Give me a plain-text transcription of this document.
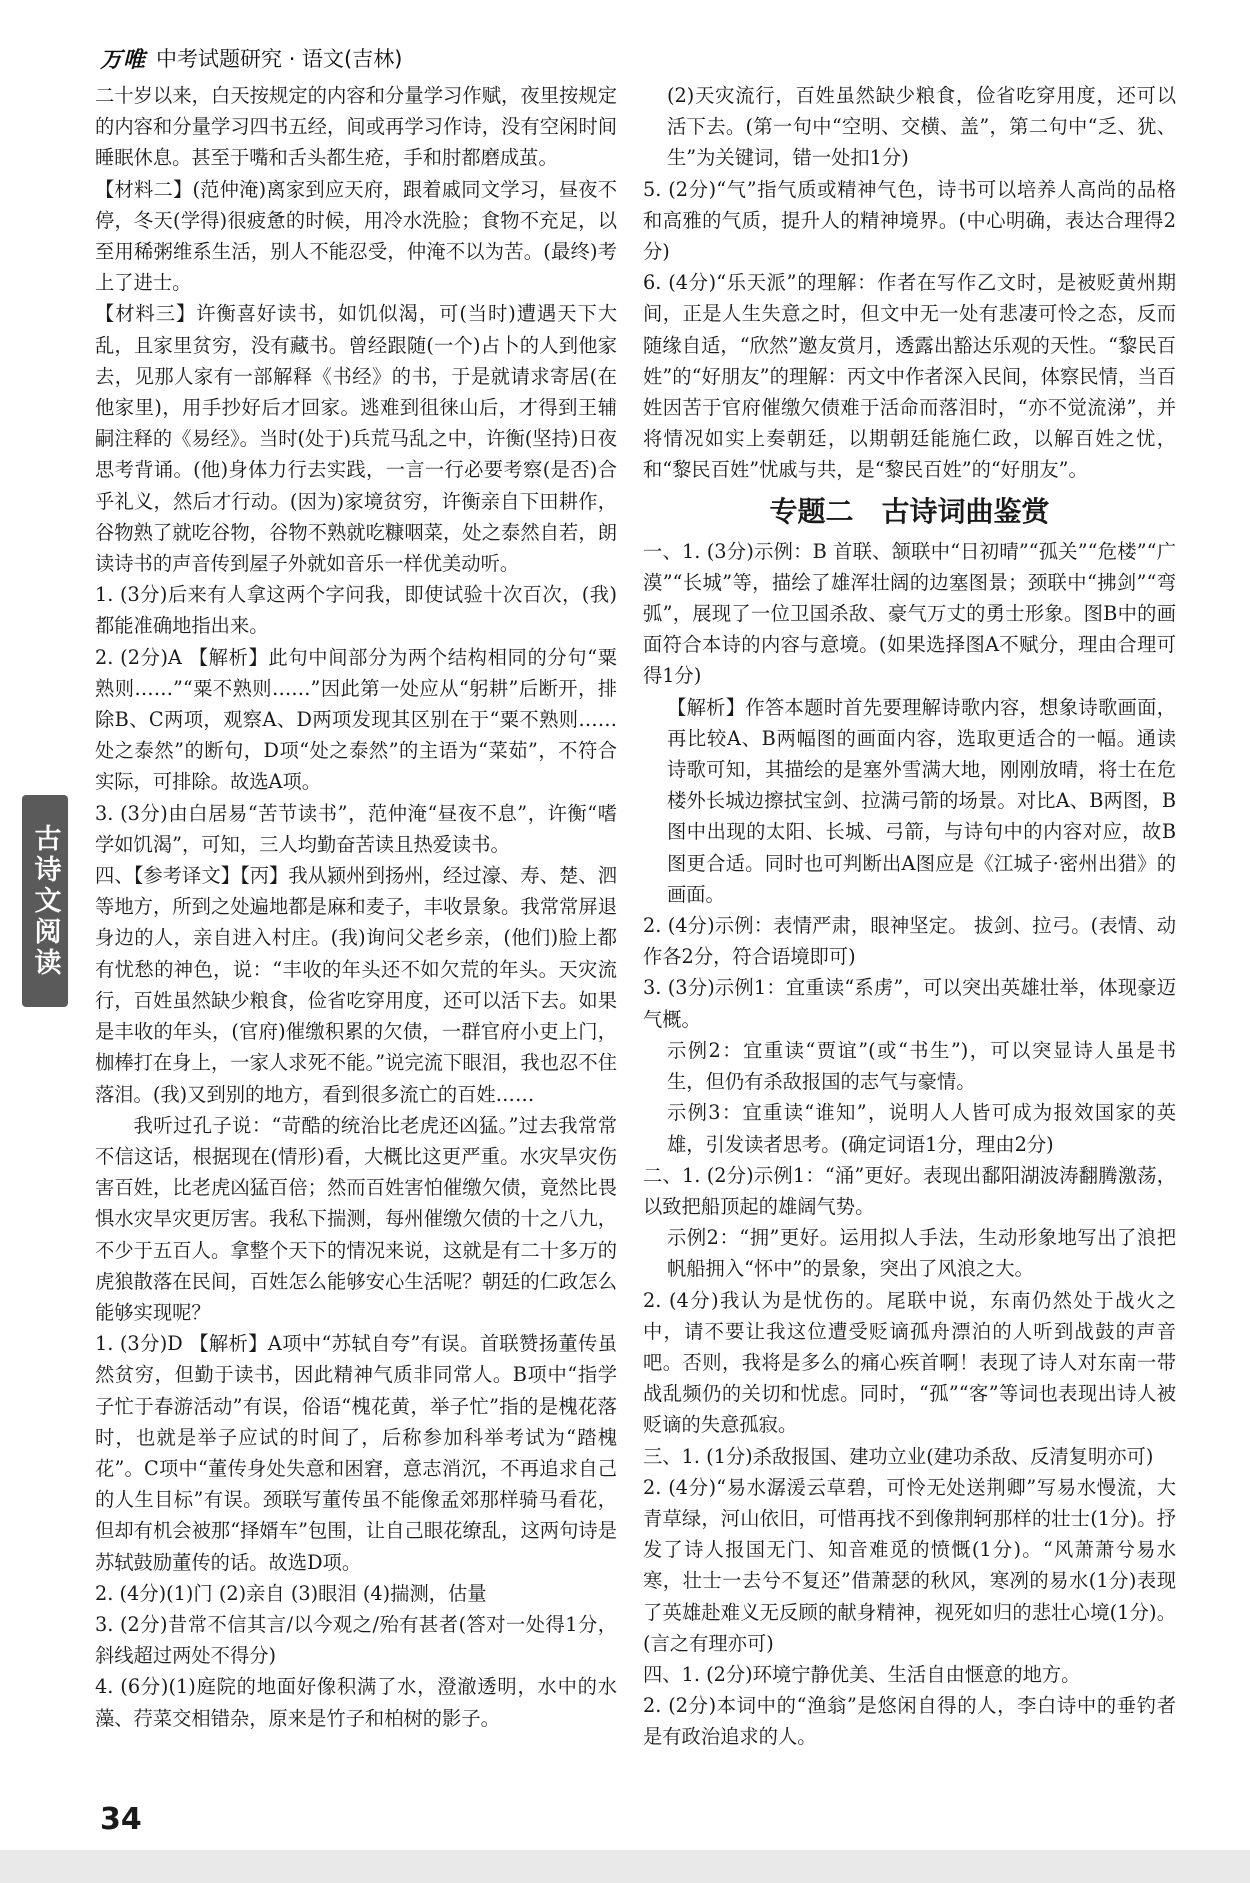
万唯 中考试题研究 · 语文(吉林)
古诗文阅读

二十岁以来，白天按规定的内容和分量学习作赋，夜里按规定的内容和分量学习四书五经，间或再学习作诗，没有空闲时间睡眠休息。甚至于嘴和舌头都生疮，手和肘都磨成茧。

【材料二】(范仲淹)离家到应天府，跟着戚同文学习，昼夜不停，冬天(学得)很疲惫的时候，用冷水洗脸；食物不充足，以至用稀粥维系生活，别人不能忍受，仲淹不以为苦。(最终)考上了进士。

【材料三】许衡喜好读书，如饥似渴，可(当时)遭遇天下大乱，且家里贫穷，没有藏书。曾经跟随(一个)占卜的人到他家去，见那人家有一部解释《书经》的书，于是就请求寄居(在他家里)，用手抄好后才回家。逃难到徂徕山后，才得到王辅嗣注释的《易经》。当时(处于)兵荒马乱之中，许衡(坚持)日夜思考背诵。(他)身体力行去实践，一言一行必要考察(是否)合乎礼义，然后才行动。(因为)家境贫穷，许衡亲自下田耕作，谷物熟了就吃谷物，谷物不熟就吃糠咽菜，处之泰然自若，朗读诗书的声音传到屋子外就如音乐一样优美动听。

1. (3分)后来有人拿这两个字问我，即使试验十次百次，(我)都能准确地指出来。

2. (2分)A 【解析】此句中间部分为两个结构相同的分句“粟熟则……”“粟不熟则……”因此第一处应从“躬耕”后断开，排除B、C两项，观察A、D两项发现其区别在于“粟不熟则……处之泰然”的断句，D项“处之泰然”的主语为“菜茹”，不符合实际，可排除。故选A项。

3. (3分)由白居易“苦节读书”，范仲淹“昼夜不息”，许衡“嗜学如饥渴”，可知，三人均勤奋苦读且热爱读书。

四、【参考译文】【丙】我从颍州到扬州，经过濠、寿、楚、泗等地方，所到之处遍地都是麻和麦子，丰收景象。我常常屏退身边的人，亲自进入村庄。(我)询问父老乡亲，(他们)脸上都有忧愁的神色，说：“丰收的年头还不如欠荒的年头。天灾流行，百姓虽然缺少粮食，俭省吃穿用度，还可以活下去。如果是丰收的年头，(官府)催缴积累的欠债，一群官府小吏上门，枷棒打在身上，一家人求死不能。”说完流下眼泪，我也忍不住落泪。(我)又到别的地方，看到很多流亡的百姓……

我听过孔子说：“苛酷的统治比老虎还凶猛。”过去我常常不信这话，根据现在(情形)看，大概比这更严重。水灾旱灾伤害百姓，比老虎凶猛百倍；然而百姓害怕催缴欠债，竟然比畏惧水灾旱灾更厉害。我私下揣测，每州催缴欠债的十之八九，不少于五百人。拿整个天下的情况来说，这就是有二十多万的虎狼散落在民间，百姓怎么能够安心生活呢？朝廷的仁政怎么能够实现呢？

1. (3分)D 【解析】A项中“苏轼自夸”有误。首联赞扬董传虽然贫穷，但勤于读书，因此精神气质非同常人。B项中“指学子忙于春游活动”有误，俗语“槐花黄，举子忙”指的是槐花落时，也就是举子应试的时间了，后称参加科举考试为“踏槐花”。C项中“董传身处失意和困窘，意志消沉，不再追求自己的人生目标”有误。颈联写董传虽不能像孟郊那样骑马看花，但却有机会被那“择婿车”包围，让自己眼花缭乱，这两句诗是苏轼鼓励董传的话。故选D项。

2. (4分)(1)门 (2)亲自 (3)眼泪 (4)揣测，估量

3. (2分)昔常不信其言/以今观之/殆有甚者(答对一处得1分，斜线超过两处不得分)

4. (6分)(1)庭院的地面好像积满了水，澄澈透明，水中的水藻、荇菜交相错杂，原来是竹子和柏树的影子。

(2)天灾流行，百姓虽然缺少粮食，俭省吃穿用度，还可以活下去。(第一句中“空明、交横、盖”，第二句中“乏、犹、生”为关键词，错一处扣1分)

5. (2分)“气”指气质或精神气色，诗书可以培养人高尚的品格和高雅的气质，提升人的精神境界。(中心明确，表达合理得2分)

6. (4分)“乐天派”的理解：作者在写作乙文时，是被贬黄州期间，正是人生失意之时，但文中无一处有悲凄可怜之态，反而随缘自适，“欣然”邀友赏月，透露出豁达乐观的天性。“黎民百姓”的“好朋友”的理解：丙文中作者深入民间，体察民情，当百姓因苦于官府催缴欠债难于活命而落泪时，“亦不觉流涕”，并将情况如实上奏朝廷，以期朝廷能施仁政，以解百姓之忧，和“黎民百姓”忧戚与共，是“黎民百姓”的“好朋友”。

专题二　古诗词曲鉴赏

一、1. (3分)示例：B 首联、颔联中“日初晴”“孤关”“危楼”“广漠”“长城”等，描绘了雄浑壮阔的边塞图景；颈联中“拂剑”“弯弧”，展现了一位卫国杀敌、豪气万丈的勇士形象。图B中的画面符合本诗的内容与意境。(如果选择图A不赋分，理由合理可得1分)

【解析】作答本题时首先要理解诗歌内容，想象诗歌画面，再比较A、B两幅图的画面内容，选取更适合的一幅。通读诗歌可知，其描绘的是塞外雪满大地，刚刚放晴，将士在危楼外长城边擦拭宝剑、拉满弓箭的场景。对比A、B两图，B图中出现的太阳、长城、弓箭，与诗句中的内容对应，故B图更合适。同时也可判断出A图应是《江城子·密州出猎》的画面。

2. (4分)示例：表情严肃，眼神坚定。 拔剑、拉弓。(表情、动作各2分，符合语境即可)

3. (3分)示例1：宜重读“系虏”，可以突出英雄壮举，体现豪迈气概。

示例2：宜重读“贾谊”(或“书生”)，可以突显诗人虽是书生，但仍有杀敌报国的志气与豪情。

示例3：宜重读“谁知”，说明人人皆可成为报效国家的英雄，引发读者思考。(确定词语1分，理由2分)

二、1. (2分)示例1：“涌”更好。表现出鄱阳湖波涛翻腾激荡，以致把船顶起的雄阔气势。

示例2：“拥”更好。运用拟人手法，生动形象地写出了浪把帆船拥入“怀中”的景象，突出了风浪之大。

2. (4分)我认为是忧伤的。尾联中说，东南仍然处于战火之中，请不要让我这位遭受贬谪孤舟漂泊的人听到战鼓的声音吧。否则，我将是多么的痛心疾首啊！表现了诗人对东南一带战乱频仍的关切和忧虑。同时，“孤”“客”等词也表现出诗人被贬谪的失意孤寂。

三、1. (1分)杀敌报国、建功立业(建功杀敌、反清复明亦可)

2. (4分)“易水潺湲云草碧，可怜无处送荆卿”写易水慢流，大青草绿，河山依旧，可惜再找不到像荆轲那样的壮士(1分)。抒发了诗人报国无门、知音难觅的愤慨(1分)。“风萧萧兮易水寒，壮士一去兮不复还”借萧瑟的秋风，寒冽的易水(1分)表现了英雄赴难义无反顾的献身精神，视死如归的悲壮心境(1分)。(言之有理亦可)

四、1. (2分)环境宁静优美、生活自由惬意的地方。

2. (2分)本词中的“渔翁”是悠闲自得的人，李白诗中的垂钓者是有政治追求的人。

34
